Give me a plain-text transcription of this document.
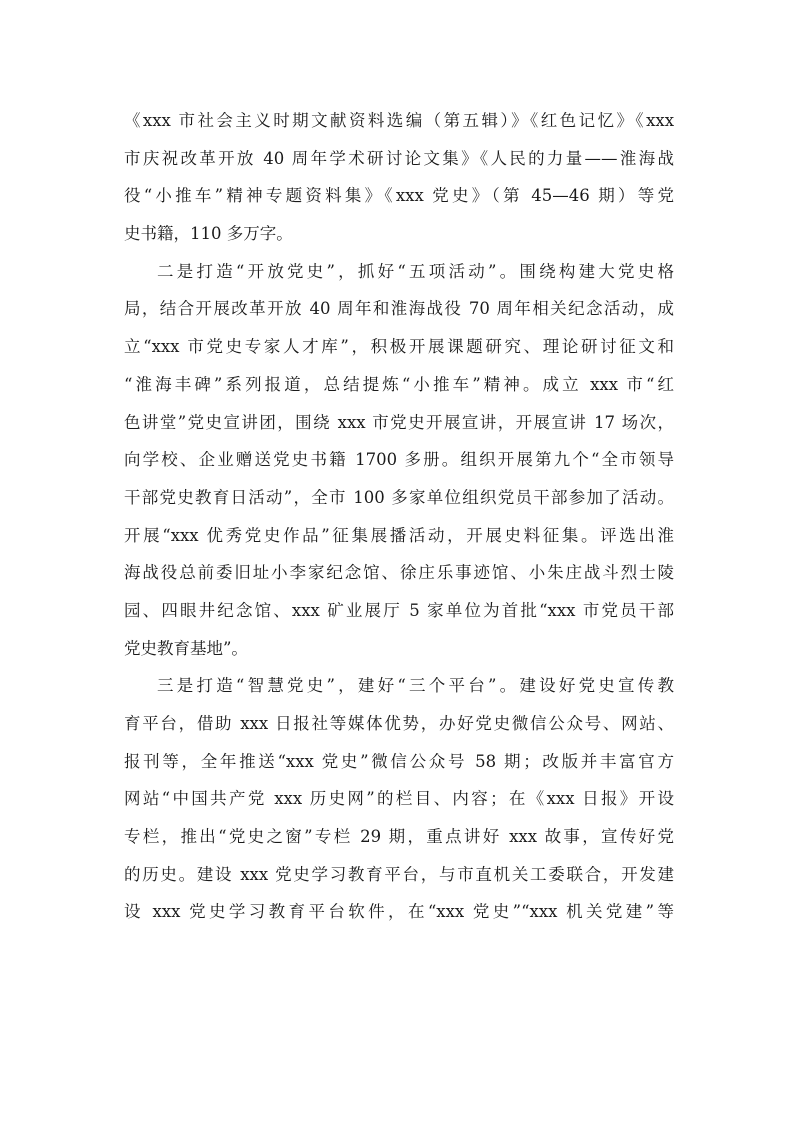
《xxx 市社会主义时期文献资料选编（第五辑）》《红色记忆》《xxx
市庆祝改革开放 40 周年学术研讨论文集》《人民的力量——淮海战
役“小推车”精神专题资料集》《xxx 党史》（第 45—46 期）等党
史书籍，110 多万字。
二是打造“开放党史”，抓好“五项活动”。围绕构建大党史格
局，结合开展改革开放 40 周年和淮海战役 70 周年相关纪念活动，成
立“xxx 市党史专家人才库”，积极开展课题研究、理论研讨征文和
“淮海丰碑”系列报道，总结提炼“小推车”精神。成立 xxx 市“红
色讲堂”党史宣讲团，围绕 xxx 市党史开展宣讲，开展宣讲 17 场次，
向学校、企业赠送党史书籍 1700 多册。组织开展第九个“全市领导
干部党史教育日活动”，全市 100 多家单位组织党员干部参加了活动。
开展“xxx 优秀党史作品”征集展播活动，开展史料征集。评选出淮
海战役总前委旧址小李家纪念馆、徐庄乐事迹馆、小朱庄战斗烈士陵
园、四眼井纪念馆、xxx 矿业展厅 5 家单位为首批“xxx 市党员干部
党史教育基地”。
三是打造“智慧党史”，建好“三个平台”。建设好党史宣传教
育平台，借助 xxx 日报社等媒体优势，办好党史微信公众号、网站、
报刊等，全年推送“xxx 党史”微信公众号 58 期；改版并丰富官方
网站“中国共产党 xxx 历史网”的栏目、内容；在《xxx 日报》开设
专栏，推出“党史之窗”专栏 29 期，重点讲好 xxx 故事，宣传好党
的历史。建设 xxx 党史学习教育平台，与市直机关工委联合，开发建
设 xxx 党史学习教育平台软件，在“xxx 党史”“xxx 机关党建”等
